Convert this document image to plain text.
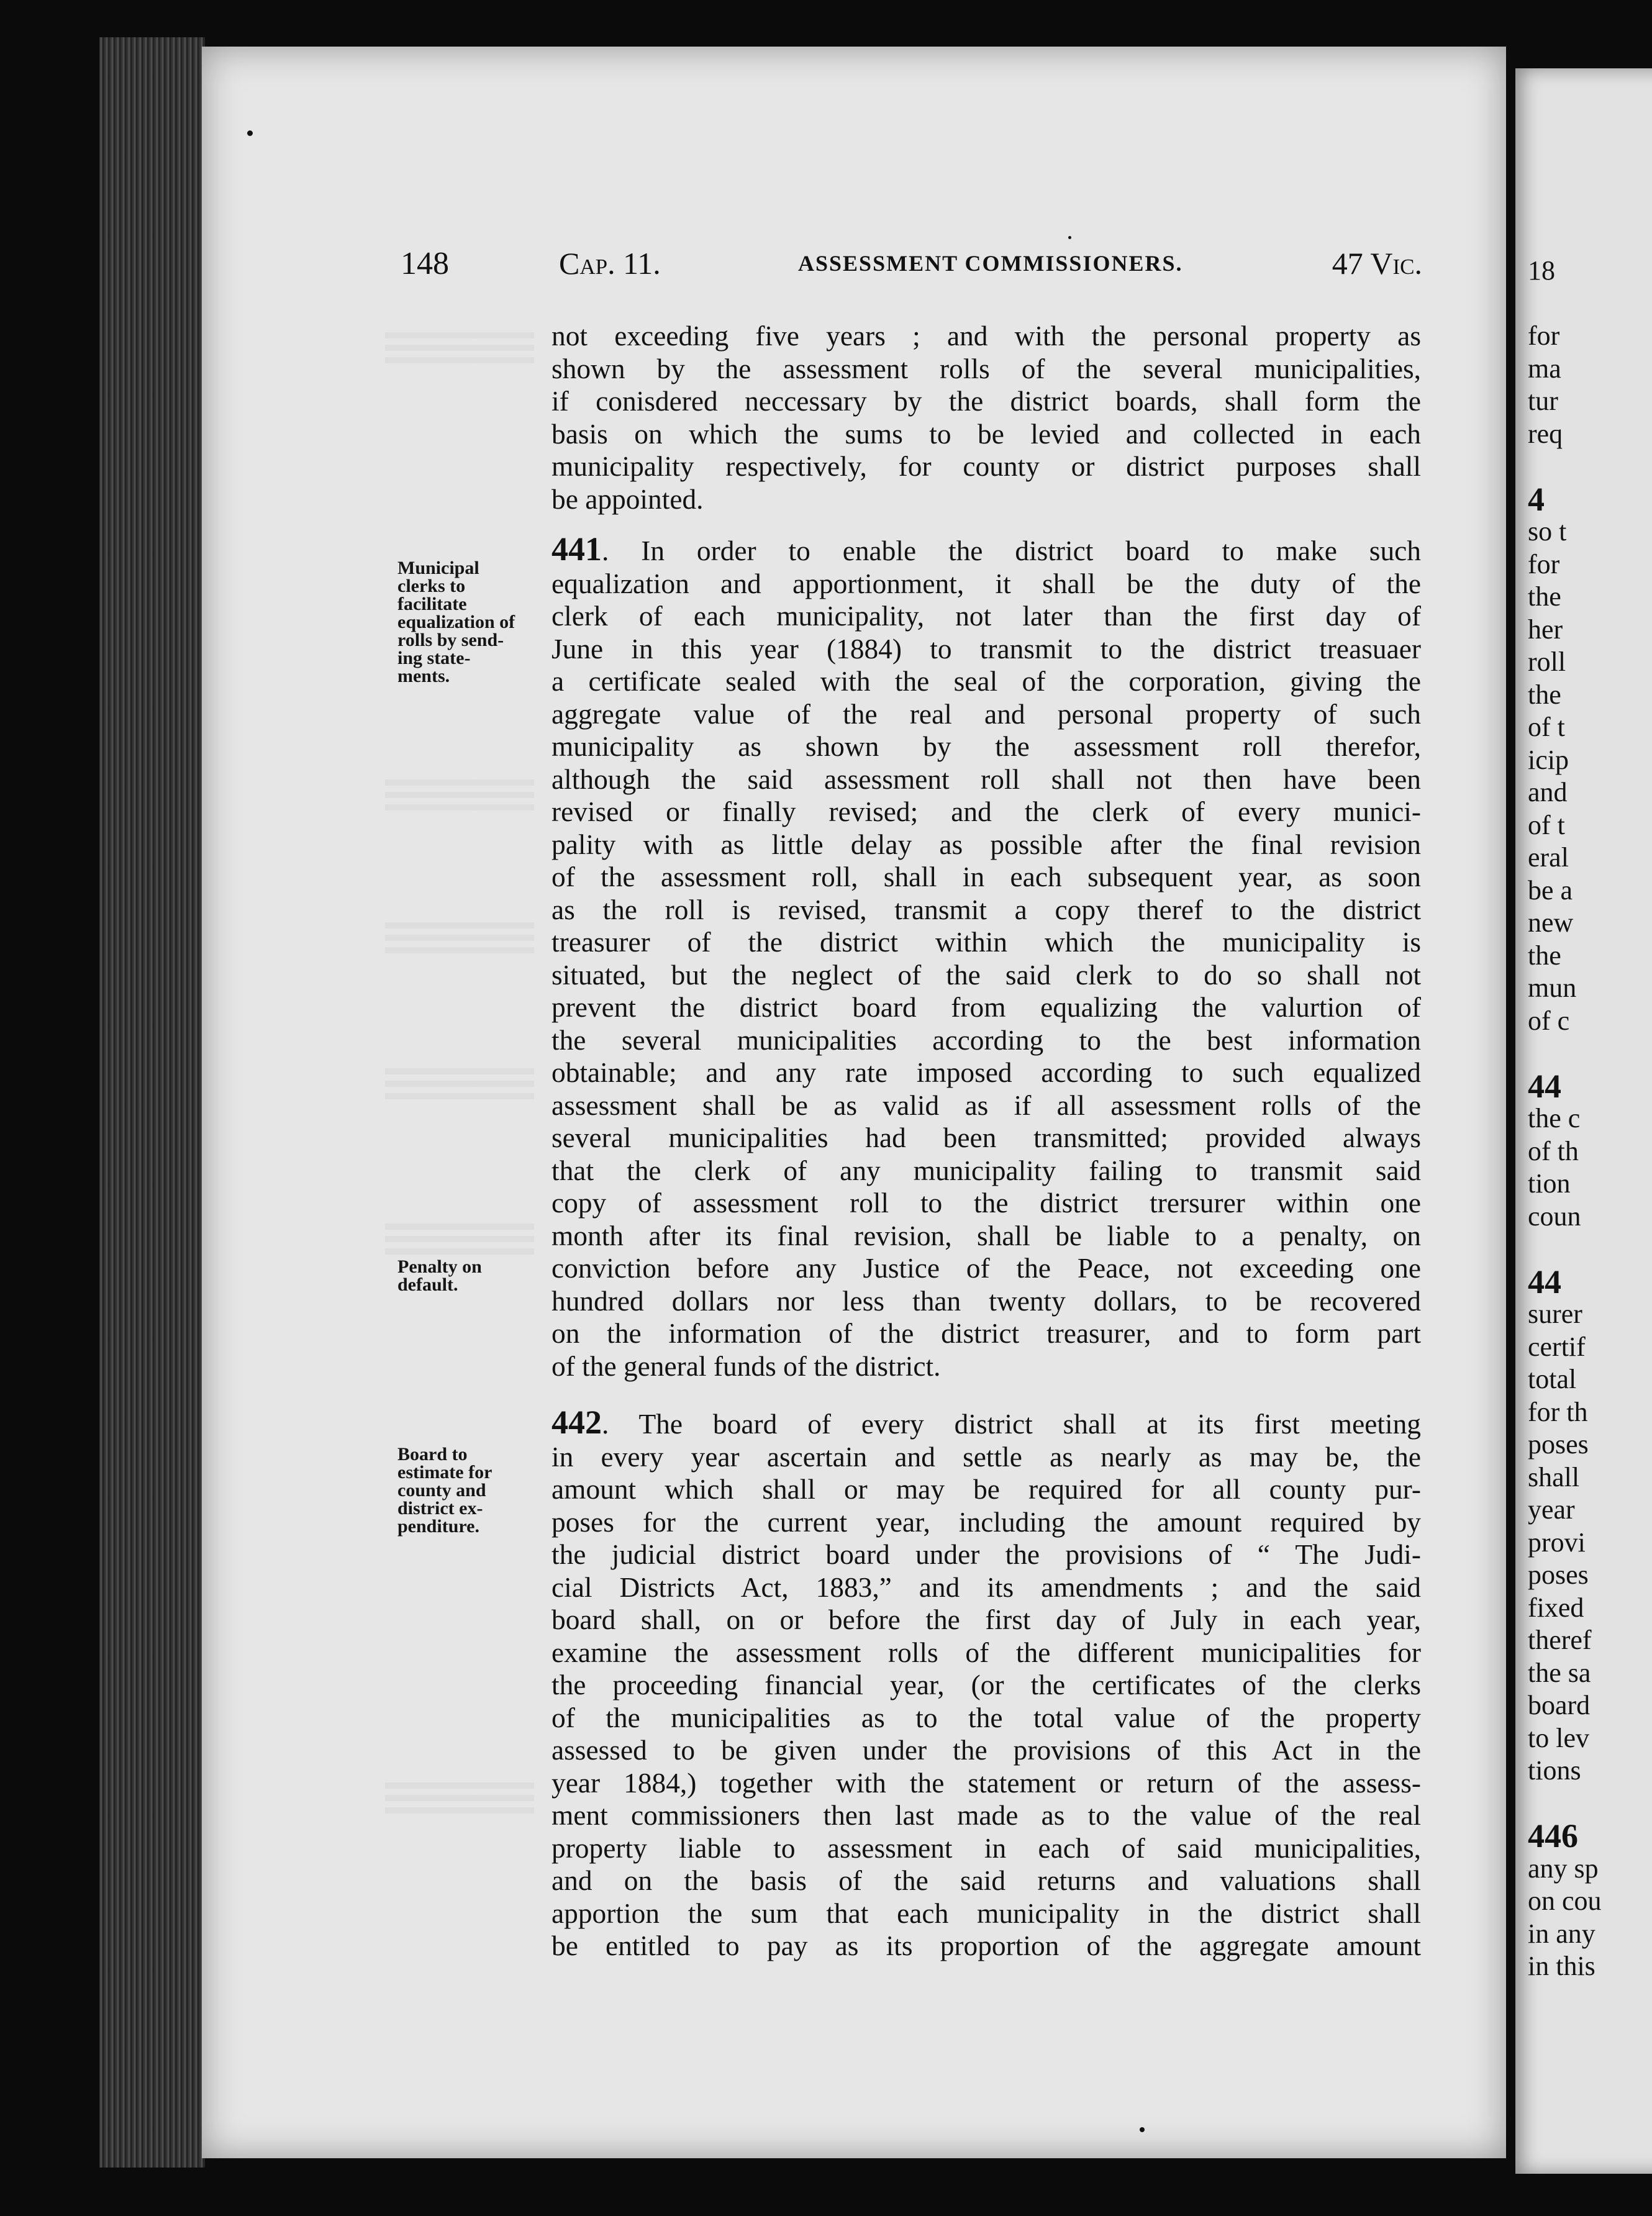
18

for
ma
tur
req

4
so t
for
the
her
roll
the
of t
icip
and
of t
eral
be a
new
the
mun
of c

44
the c
of th
tion
coun

44
surer
certif
total
for th
poses
shall
year
provi
poses
fixed
theref
the sa
board
to lev
tions

446
any sp
on cou
in any
in this
148	Cap. 11.	ASSESSMENT COMMISSIONERS.	47 Vic.
Municipal
clerks to
facilitate
equalization of
rolls by send-
ing state-
ments.
Penalty on
default.
Board to
estimate for
county and
district ex-
penditure.
not exceeding five years ; and with the personal property as
shown by the assessment rolls of the several municipalities,
if conisdered neccessary by the district boards, shall form the
basis on which the sums to be levied and collected in each
municipality respectively, for county or district purposes shall
be appointed.
441. In order to enable the district board to make such
equalization and apportionment, it shall be the duty of the
clerk of each municipality, not later than the first day of
June in this year (1884) to transmit to the district treasuaer
a certificate sealed with the seal of the corporation, giving the
aggregate value of the real and personal property of such
municipality as shown by the assessment roll therefor,
although the said assessment roll shall not then have been
revised or finally revised; and the clerk of every munici-
pality with as little delay as possible after the final revision
of the assessment roll, shall in each subsequent year, as soon
as the roll is revised, transmit a copy theref to the district
treasurer of the district within which the municipality is
situated, but the neglect of the said clerk to do so shall not
prevent the district board from equalizing the valurtion of
the several municipalities according to the best information
obtainable; and any rate imposed according to such equalized
assessment shall be as valid as if all assessment rolls of the
several municipalities had been transmitted; provided always
that the clerk of any municipality failing to transmit said
copy of assessment roll to the district trersurer within one
month after its final revision, shall be liable to a penalty, on
conviction before any Justice of the Peace, not exceeding one
hundred dollars nor less than twenty dollars, to be recovered
on the information of the district treasurer, and to form part
of the general funds of the district.
442. The board of every district shall at its first meeting
in every year ascertain and settle as nearly as may be, the
amount which shall or may be required for all county pur-
poses for the current year, including the amount required by
the judicial district board under the provisions of “ The Judi-
cial Districts Act, 1883,” and its amendments ; and the said
board shall, on or before the first day of July in each year,
examine the assessment rolls of the different municipalities for
the proceeding financial year, (or the certificates of the clerks
of the municipalities as to the total value of the property
assessed to be given under the provisions of this Act in the
year 1884,) together with the statement or return of the assess-
ment commissioners then last made as to the value of the real
property liable to assessment in each of said municipalities,
and on the basis of the said returns and valuations shall
apportion the sum that each municipality in the district shall
be entitled to pay as its proportion of the aggregate amount
